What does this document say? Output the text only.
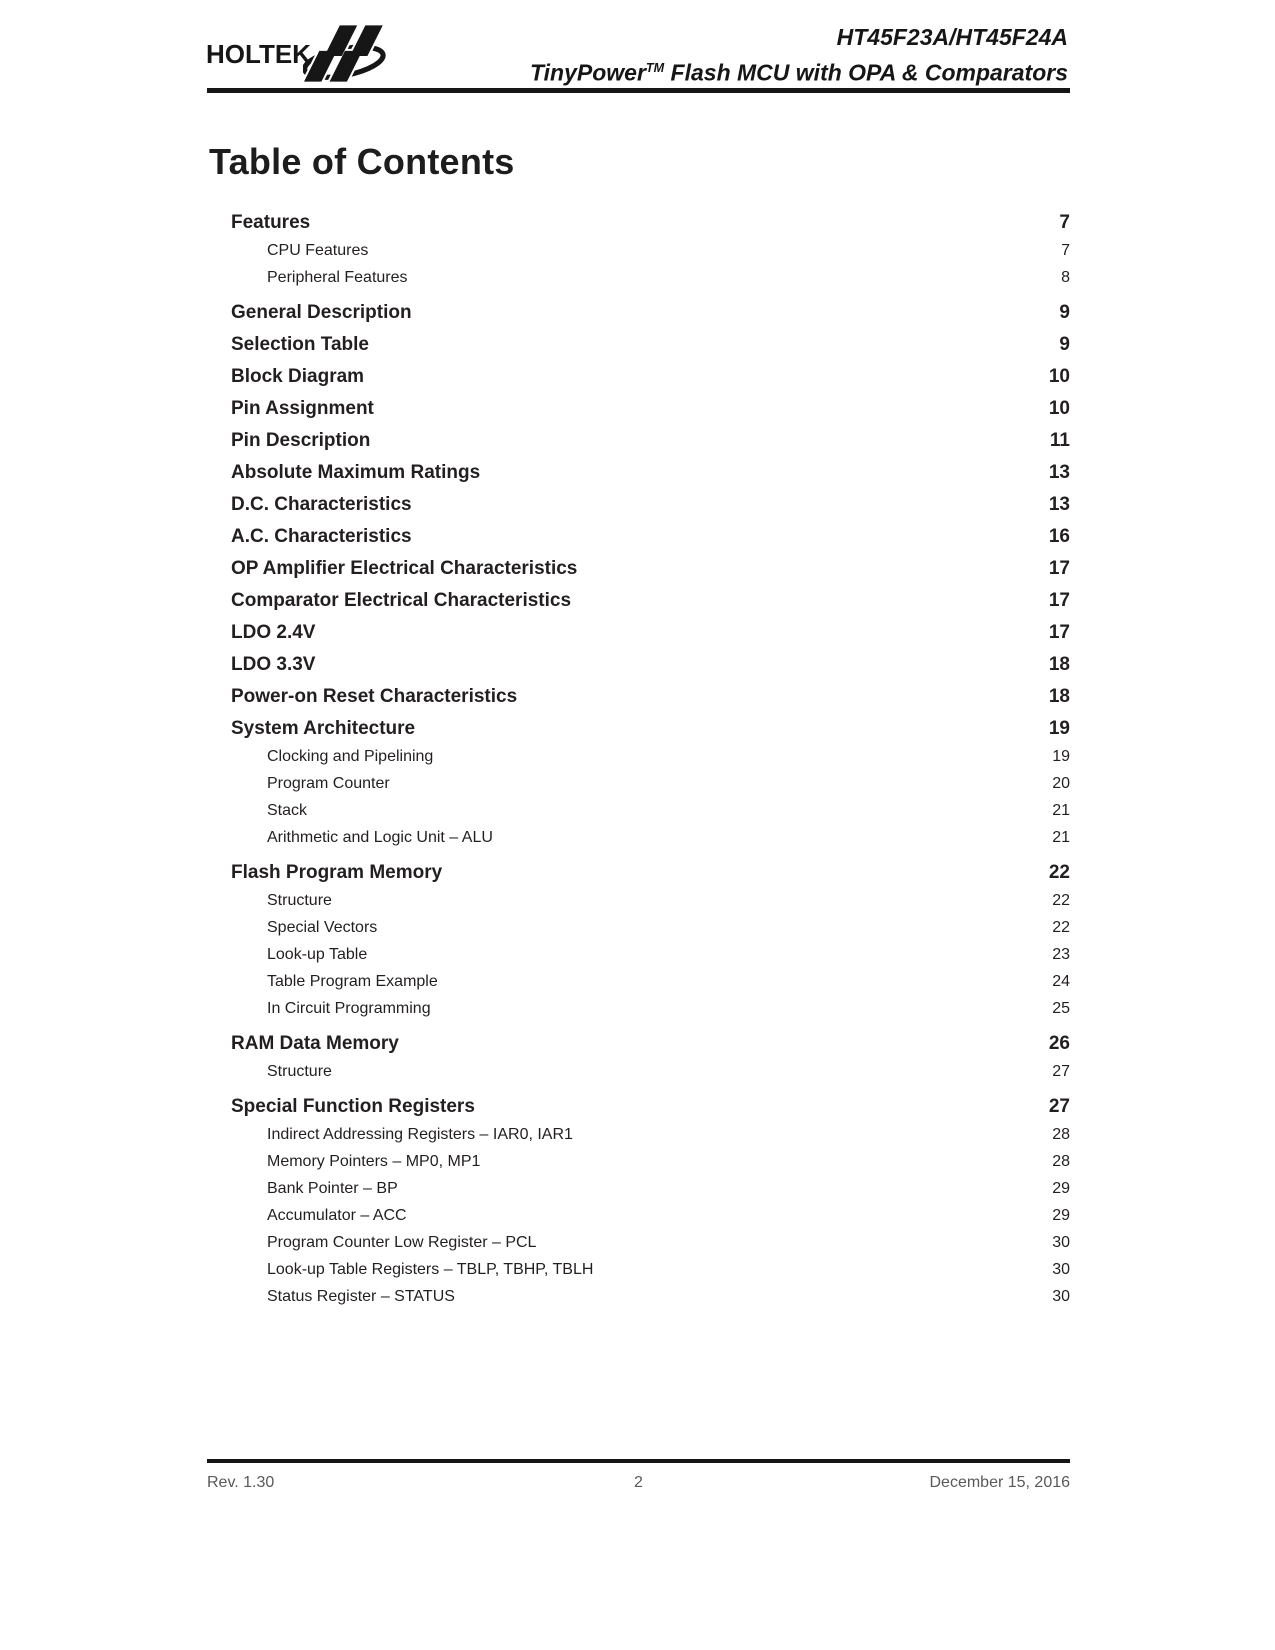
HOLTEK
HT45F23A/HT45F24A
TinyPower™ Flash MCU with OPA & Comparators
Table of Contents
Features	7
CPU Features	7
Peripheral Features	8
General Description	9
Selection Table	9
Block Diagram	10
Pin Assignment	10
Pin Description	11
Absolute Maximum Ratings	13
D.C. Characteristics	13
A.C. Characteristics	16
OP Amplifier Electrical Characteristics	17
Comparator Electrical Characteristics	17
LDO 2.4V	17
LDO 3.3V	18
Power-on Reset Characteristics	18
System Architecture	19
Clocking and Pipelining	19
Program Counter	20
Stack	21
Arithmetic and Logic Unit – ALU	21
Flash Program Memory	22
Structure	22
Special Vectors	22
Look-up Table	23
Table Program Example	24
In Circuit Programming	25
RAM Data Memory	26
Structure	27
Special Function Registers	27
Indirect Addressing Registers – IAR0, IAR1	28
Memory Pointers – MP0, MP1	28
Bank Pointer – BP	29
Accumulator – ACC	29
Program Counter Low Register – PCL	30
Look-up Table Registers – TBLP, TBHP, TBLH	30
Status Register – STATUS	30
Rev. 1.30	2	December 15, 2016
